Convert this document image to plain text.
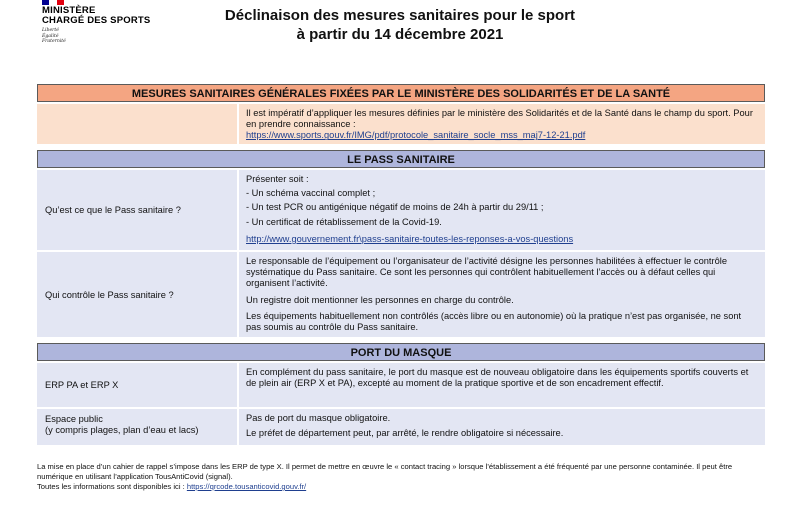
MINISTÈRE
CHARGÉ DES SPORTS
Liberté
Égalité
Fraternité
Déclinaison des mesures sanitaires pour le sport
à partir du 14 décembre 2021
MESURES SANITAIRES GÉNÉRALES FIXÉES PAR LE MINISTÈRE DES SOLIDARITÉS ET DE LA SANTÉ

Il est impératif d’appliquer les mesures définies par le ministère des Solidarités et de la Santé dans le champ du sport. Pour en prendre connaissance :

https://www.sports.gouv.fr/IMG/pdf/protocole_sanitaire_socle_mss_maj7-12-21.pdf

LE PASS SANITAIRE
Qu’est ce que le Pass sanitaire ?

Présenter soit :

- Un schéma vaccinal complet ;

- Un test PCR ou antigénique négatif de moins de 24h à partir du 29/11 ;

- Un certificat de rétablissement de la Covid-19.

http://www.gouvernement.fr\pass-sanitaire-toutes-les-reponses-a-vos-questions

Qui contrôle le Pass sanitaire ?

Le responsable de l’équipement ou l’organisateur de l’activité désigne les personnes habilitées à effectuer le contrôle systématique du Pass sanitaire. Ce sont les personnes qui contrôlent habituellement l’accès ou à défaut celles qui organisent l’activité.

Un registre doit mentionner les personnes en charge du contrôle.

Les équipements habituellement non contrôlés (accès libre ou en autonomie) où la pratique n’est pas organisée, ne sont pas soumis au contrôle du Pass sanitaire.

PORT DU MASQUE
ERP PA et ERP X

En complément du pass sanitaire, le port du masque est de nouveau obligatoire dans les équipements sportifs couverts et de plein air (ERP X et PA), excepté au moment de la pratique sportive et de son encadrement effectif.

Espace public
(y compris plages, plan d’eau et lacs)

Pas de port du masque obligatoire.

Le préfet de département peut, par arrêté, le rendre obligatoire si nécessaire.

La mise en place d’un cahier de rappel s’impose dans les ERP de type X. Il permet de mettre en œuvre le « contact tracing » lorsque l’établissement a été fréquenté par une personne contaminée. Il peut être numérique en utilisant l’application TousAntiCovid (signal).

Toutes les informations sont disponibles ici : https://qrcode.tousanticovid.gouv.fr/
